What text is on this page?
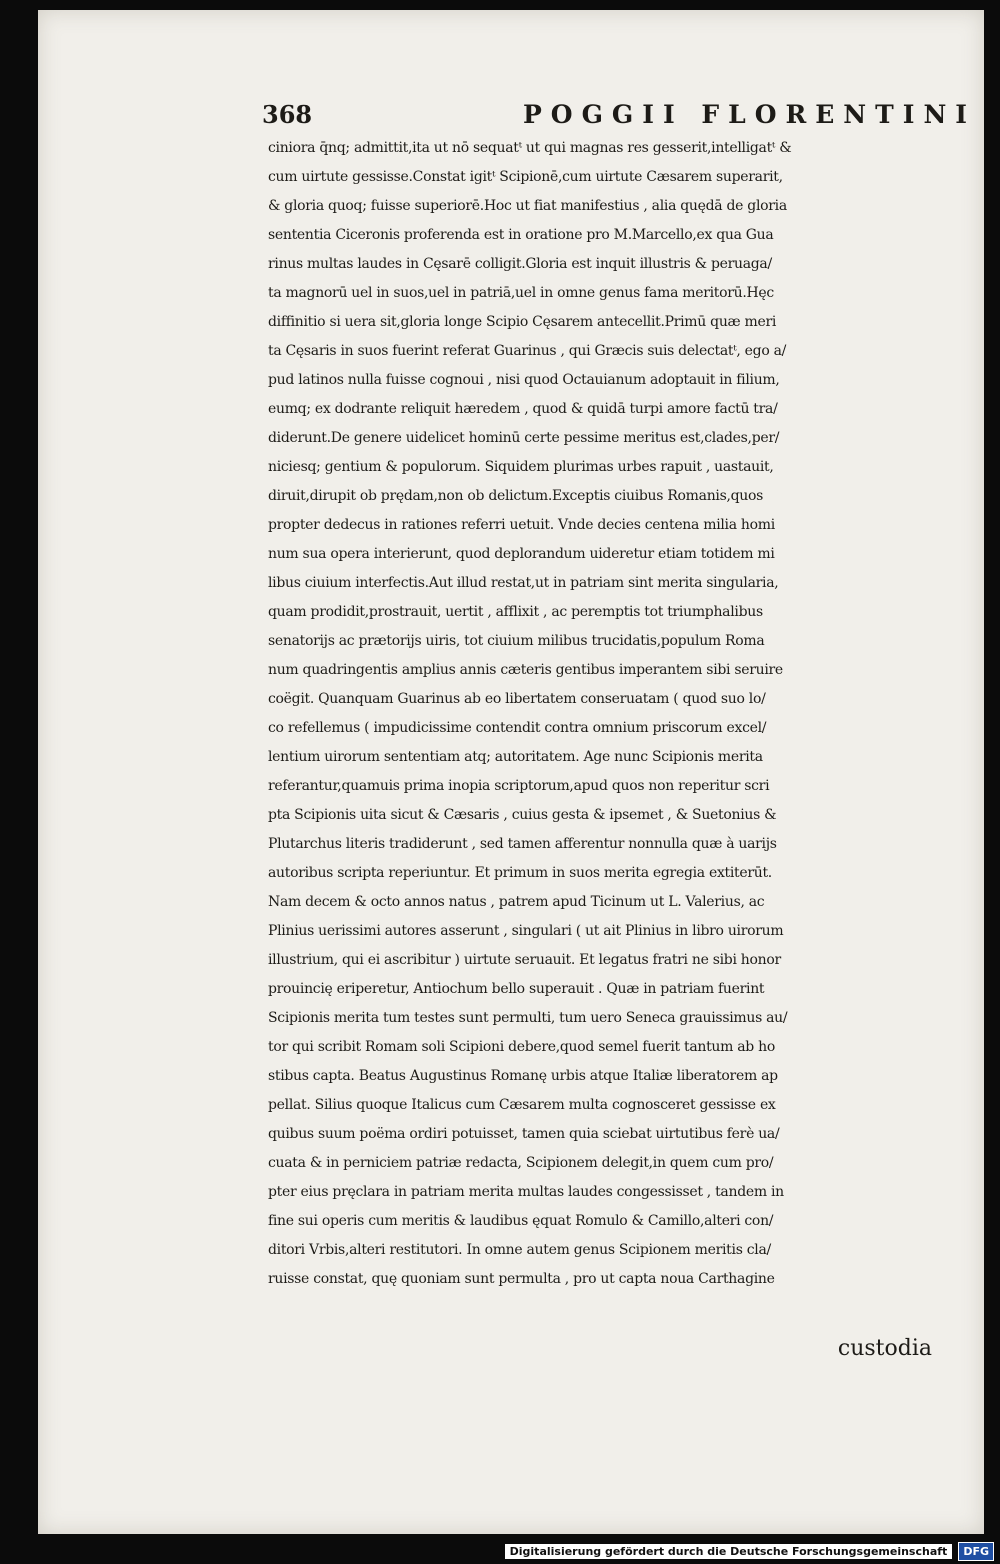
368	POGGII FLORENTINI
ciniora q̄nq; admittit,ita ut nō sequatᵗ ut qui magnas res gesserit,intelligatᵗ &
cum uirtute gessisse.Constat igitᵗ Scipionē,cum uirtute Cæsarem superarit,
& gloria quoq; fuisse superiorē.Hoc ut fiat manifestius , alia quędā de gloria
sententia Ciceronis proferenda est in oratione pro M.Marcello,ex qua Gua
rinus multas laudes in Cęsarē colligit.Gloria est inquit illustris & peruaga/
ta magnorū uel in suos,uel in patriā,uel in omne genus fama meritorū.Hęc
diffinitio si uera sit,gloria longe Scipio Cęsarem antecellit.Primū quæ meri
ta Cęsaris in suos fuerint referat Guarinus , qui Græcis suis delectatᵗ, ego a/
pud latinos nulla fuisse cognoui , nisi quod Octauianum adoptauit in filium,
eumq; ex dodrante reliquit hæredem , quod & quidā turpi amore factū tra/
diderunt.De genere uidelicet hominū certe pessime meritus est,clades,per/
niciesq; gentium & populorum. Siquidem plurimas urbes rapuit , uastauit,
diruit,dirupit ob prędam,non ob delictum.Exceptis ciuibus Romanis,quos
propter dedecus in rationes referri uetuit. Vnde decies centena milia homi
num sua opera interierunt, quod deplorandum uideretur etiam totidem mi
libus ciuium interfectis.Aut illud restat,ut in patriam sint merita singularia,
quam prodidit,prostrauit, uertit , afflixit , ac peremptis tot triumphalibus
senatorijs ac prætorijs uiris, tot ciuium milibus trucidatis,populum Roma
num quadringentis amplius annis cæteris gentibus imperantem sibi seruire
coëgit. Quanquam Guarinus ab eo libertatem conseruatam ( quod suo lo/
co refellemus ( impudicissime contendit contra omnium priscorum excel/
lentium uirorum sententiam atq; autoritatem. Age nunc Scipionis merita
referantur,quamuis prima inopia scriptorum,apud quos non reperitur scri
pta Scipionis uita sicut & Cæsaris , cuius gesta & ipsemet , & Suetonius &
Plutarchus literis tradiderunt , sed tamen afferentur nonnulla quæ à uarijs
autoribus scripta reperiuntur. Et primum in suos merita egregia extiterūt.
Nam decem & octo annos natus , patrem apud Ticinum ut L. Valerius, ac
Plinius uerissimi autores asserunt , singulari ( ut ait Plinius in libro uirorum
illustrium, qui ei ascribitur ) uirtute seruauit. Et legatus fratri ne sibi honor
prouincię eriperetur, Antiochum bello superauit . Quæ in patriam fuerint
Scipionis merita tum testes sunt permulti, tum uero Seneca grauissimus au/
tor qui scribit Romam soli Scipioni debere,quod semel fuerit tantum ab ho
stibus capta. Beatus Augustinus Romanę urbis atque Italiæ liberatorem ap
pellat. Silius quoque Italicus cum Cæsarem multa cognosceret gessisse ex
quibus suum poëma ordiri potuisset, tamen quia sciebat uirtutibus ferè ua/
cuata & in perniciem patriæ redacta, Scipionem delegit,in quem cum pro/
pter eius pręclara in patriam merita multas laudes congessisset , tandem in
fine sui operis cum meritis & laudibus ęquat Romulo & Camillo,alteri con/
ditori Vrbis,alteri restitutori. In omne autem genus Scipionem meritis cla/
ruisse constat, quę quoniam sunt permulta , pro ut capta noua Carthagine
custodia
Digitalisierung gefördert durch die Deutsche Forschungsgemeinschaft	DFG
